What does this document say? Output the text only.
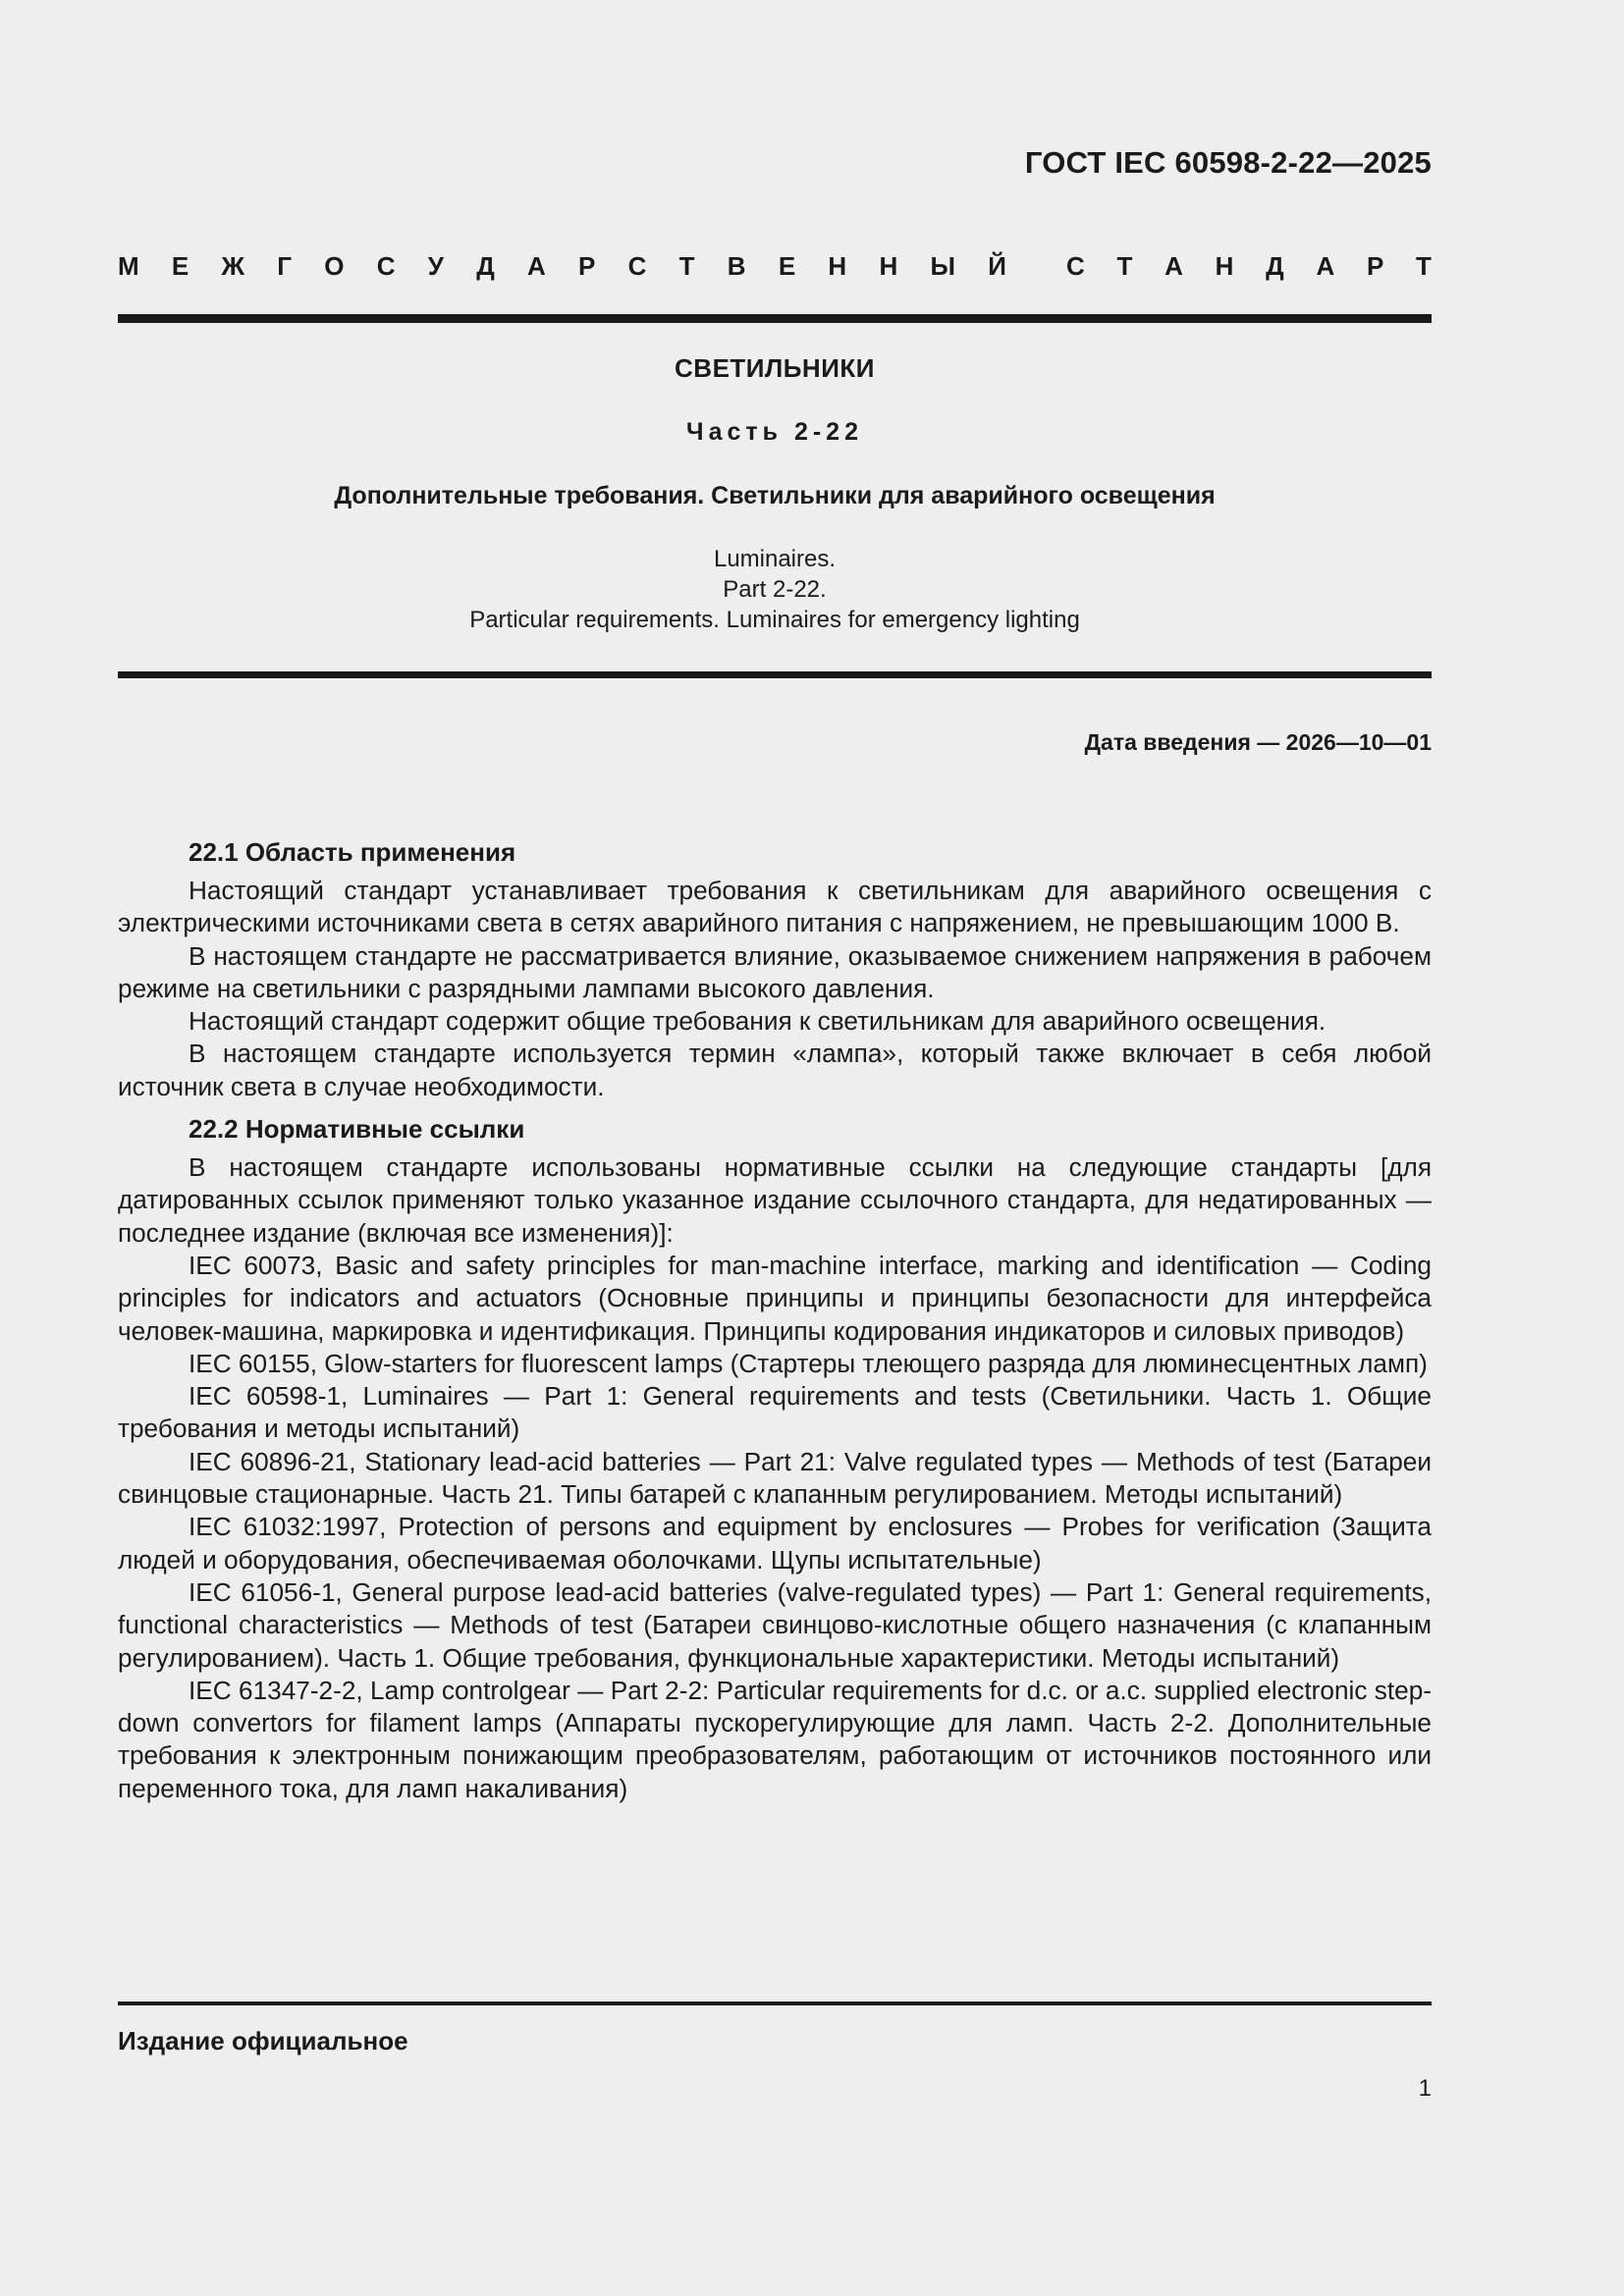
ГОСТ IEC 60598-2-22—2025
М Е Ж Г О С У Д А Р С Т В Е Н Н Ы Й С Т А Н Д А Р Т
СВЕТИЛЬНИКИ
Часть 2-22
Дополнительные требования. Светильники для аварийного освещения
Luminaires.
Part 2-22.
Particular requirements. Luminaires for emergency lighting
Дата введения — 2026—10—01
22.1 Область применения

Настоящий стандарт устанавливает требования к светильникам для аварийного освещения с электрическими источниками света в сетях аварийного питания с напряжением, не превышающим 1000 В.

В настоящем стандарте не рассматривается влияние, оказываемое снижением напряжения в рабочем режиме на светильники с разрядными лампами высокого давления.

Настоящий стандарт содержит общие требования к светильникам для аварийного освещения.

В настоящем стандарте используется термин «лампа», который также включает в себя любой источник света в случае необходимости.

22.2 Нормативные ссылки

В настоящем стандарте использованы нормативные ссылки на следующие стандарты [для датированных ссылок применяют только указанное издание ссылочного стандарта, для недатированных — последнее издание (включая все изменения)]:

IEC 60073, Basic and safety principles for man-machine interface, marking and identification — Coding principles for indicators and actuators (Основные принципы и принципы безопасности для интерфейса человек-машина, маркировка и идентификация. Принципы кодирования индикаторов и силовых приводов)

IEC 60155, Glow-starters for fluorescent lamps (Стартеры тлеющего разряда для люминесцентных ламп)

IEC 60598-1, Luminaires — Part 1: General requirements and tests (Светильники. Часть 1. Общие требования и методы испытаний)

IEC 60896-21, Stationary lead-acid batteries — Part 21: Valve regulated types — Methods of test (Батареи свинцовые стационарные. Часть 21. Типы батарей с клапанным регулированием. Методы испытаний)

IEC 61032:1997, Protection of persons and equipment by enclosures — Probes for verification (Защита людей и оборудования, обеспечиваемая оболочками. Щупы испытательные)

IEC 61056-1, General purpose lead-acid batteries (valve-regulated types) — Part 1: General requirements, functional characteristics — Methods of test (Батареи свинцово-кислотные общего назначения (с клапанным регулированием). Часть 1. Общие требования, функциональные характеристики. Методы испытаний)

IEC 61347-2-2, Lamp controlgear — Part 2-2: Particular requirements for d.c. or a.c. supplied electronic step-down convertors for filament lamps (Аппараты пускорегулирующие для ламп. Часть 2-2. Дополнительные требования к электронным понижающим преобразователям, работающим от источников постоянного или переменного тока, для ламп накаливания)

Издание официальное
1
